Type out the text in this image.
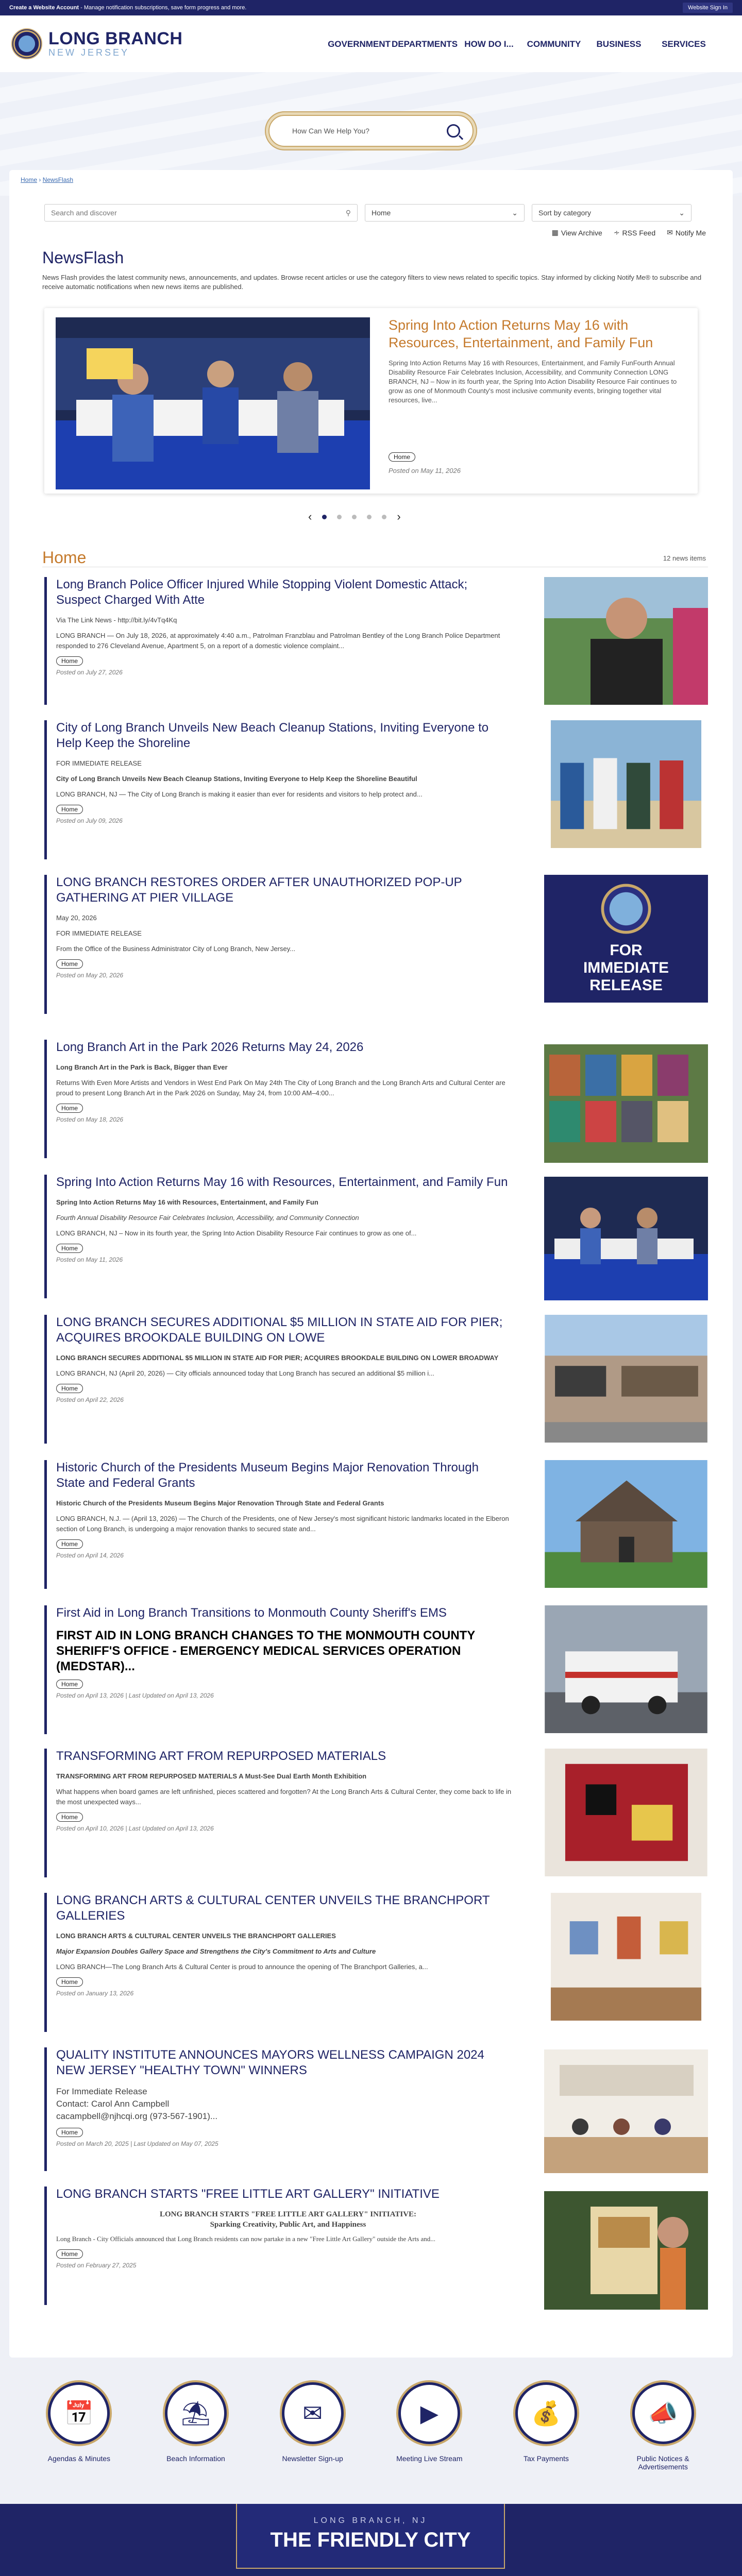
Create a Website Account - Manage notification subscriptions, save form progress and more.	Website Sign In
LONG BRANCH
NEW JERSEY
GOVERNMENT DEPARTMENTS HOW DO I...	COMMUNITY	BUSINESS	SERVICES
How Can We Help You?
Home › NewsFlash
Search and discover	⚲	Home	⌄	Sort by category	⌄
▦ View Archive ∻ RSS Feed ✉ Notify Me
NewsFlash
News Flash provides the latest community news, announcements, and updates. Browse recent articles or use the category filters to view news related to specific topics. Stay informed by clicking Notify Me® to subscribe and receive automatic notifications when new news items are published.
Spring Into Action Returns May 16 with Resources, Entertainment, and Family Fun
Spring Into Action Returns May 16 with Resources, Entertainment, and Family FunFourth Annual Disability Resource Fair Celebrates Inclusion, Accessibility, and Community Connection LONG BRANCH, NJ – Now in its fourth year, the Spring Into Action Disability Resource Fair continues to grow as one of Monmouth County's most inclusive community events, bringing together vital resources, live...
Home
Posted on May 11, 2026
‹	›
Home	12 news items
Long Branch Police Officer Injured While Stopping Violent Domestic Attack; Suspect Charged With Atte

Via The Link News - http://bit.ly/4vTq4Kq

LONG BRANCH — On July 18, 2026, at approximately 4:40 a.m., Patrolman Franzblau and Patrolman Bentley of the Long Branch Police Department responded to 276 Cleveland Avenue, Apartment 5, on a report of a domestic violence complaint...

Home
Posted on July 27, 2026
City of Long Branch Unveils New Beach Cleanup Stations, Inviting Everyone to Help Keep the Shoreline

FOR IMMEDIATE RELEASE

City of Long Branch Unveils New Beach Cleanup Stations, Inviting Everyone to Help Keep the Shoreline Beautiful

LONG BRANCH, NJ — The City of Long Branch is making it easier than ever for residents and visitors to help protect and...

Home
Posted on July 09, 2026
LONG BRANCH RESTORES ORDER AFTER UNAUTHORIZED POP-UP GATHERING AT PIER VILLAGE

May 20, 2026

FOR IMMEDIATE RELEASE

From the Office of the Business Administrator City of Long Branch, New Jersey...

Home
Posted on May 20, 2026
FOR
IMMEDIATE
RELEASE
Long Branch Art in the Park 2026 Returns May 24, 2026

Long Branch Art in the Park is Back, Bigger than Ever

Returns With Even More Artists and Vendors in West End Park On May 24th The City of Long Branch and the Long Branch Arts and Cultural Center are proud to present Long Branch Art in the Park 2026 on Sunday, May 24, from 10:00 AM–4:00...

Home
Posted on May 18, 2026
Spring Into Action Returns May 16 with Resources, Entertainment, and Family Fun

Spring Into Action Returns May 16 with Resources, Entertainment, and Family Fun

Fourth Annual Disability Resource Fair Celebrates Inclusion, Accessibility, and Community Connection

LONG BRANCH, NJ – Now in its fourth year, the Spring Into Action Disability Resource Fair continues to grow as one of...

Home
Posted on May 11, 2026
LONG BRANCH SECURES ADDITIONAL $5 MILLION IN STATE AID FOR PIER; ACQUIRES BROOKDALE BUILDING ON LOWE

LONG BRANCH SECURES ADDITIONAL $5 MILLION IN STATE AID FOR PIER; ACQUIRES BROOKDALE BUILDING ON LOWER BROADWAY

LONG BRANCH, NJ (April 20, 2026) — City officials announced today that Long Branch has secured an additional $5 million i...

Home
Posted on April 22, 2026
Historic Church of the Presidents Museum Begins Major Renovation Through State and Federal Grants

Historic Church of the Presidents Museum Begins Major Renovation Through State and Federal Grants

LONG BRANCH, N.J. — (April 13, 2026) — The Church of the Presidents, one of New Jersey's most significant historic landmarks located in the Elberon section of Long Branch, is undergoing a major renovation thanks to secured state and...

Home
Posted on April 14, 2026
First Aid in Long Branch Transitions to Monmouth County Sheriff's EMS

FIRST AID IN LONG BRANCH CHANGES TO THE MONMOUTH COUNTY SHERIFF'S OFFICE - EMERGENCY MEDICAL SERVICES OPERATION (MEDSTAR)...

Home
Posted on April 13, 2026 | Last Updated on April 13, 2026
TRANSFORMING ART FROM REPURPOSED MATERIALS

TRANSFORMING ART FROM REPURPOSED MATERIALS A Must-See Dual Earth Month Exhibition

What happens when board games are left unfinished, pieces scattered and forgotten? At the Long Branch Arts & Cultural Center, they come back to life in the most unexpected ways...

Home
Posted on April 10, 2026 | Last Updated on April 13, 2026
LONG BRANCH ARTS & CULTURAL CENTER UNVEILS THE BRANCHPORT GALLERIES

LONG BRANCH ARTS & CULTURAL CENTER UNVEILS THE BRANCHPORT GALLERIES

Major Expansion Doubles Gallery Space and Strengthens the City's Commitment to Arts and Culture

LONG BRANCH—The Long Branch Arts & Cultural Center is proud to announce the opening of The Branchport Galleries, a...

Home
Posted on January 13, 2026
QUALITY INSTITUTE ANNOUNCES MAYORS WELLNESS CAMPAIGN 2024 NEW JERSEY "HEALTHY TOWN" WINNERS
For Immediate Release
Contact: Carol Ann Campbell
cacampbell@njhcqi.org (973-567-1901)...
Home
Posted on March 20, 2025 | Last Updated on May 07, 2025
LONG BRANCH STARTS "FREE LITTLE ART GALLERY" INITIATIVE
LONG BRANCH STARTS "FREE LITTLE ART GALLERY" INITIATIVE:
Sparking Creativity, Public Art, and Happiness
Long Branch - City Officials announced that Long Branch residents can now partake in a new "Free Little Art Gallery" outside the Arts and...
Home
Posted on February 27, 2025
📅
Agendas & Minutes
⛱
Beach Information
✉
Newsletter Sign-up
▶
Meeting Live Stream
💰
Tax Payments
📣
Public Notices & Advertisements
LONG BRANCH, NJ
THE FRIENDLY CITY
